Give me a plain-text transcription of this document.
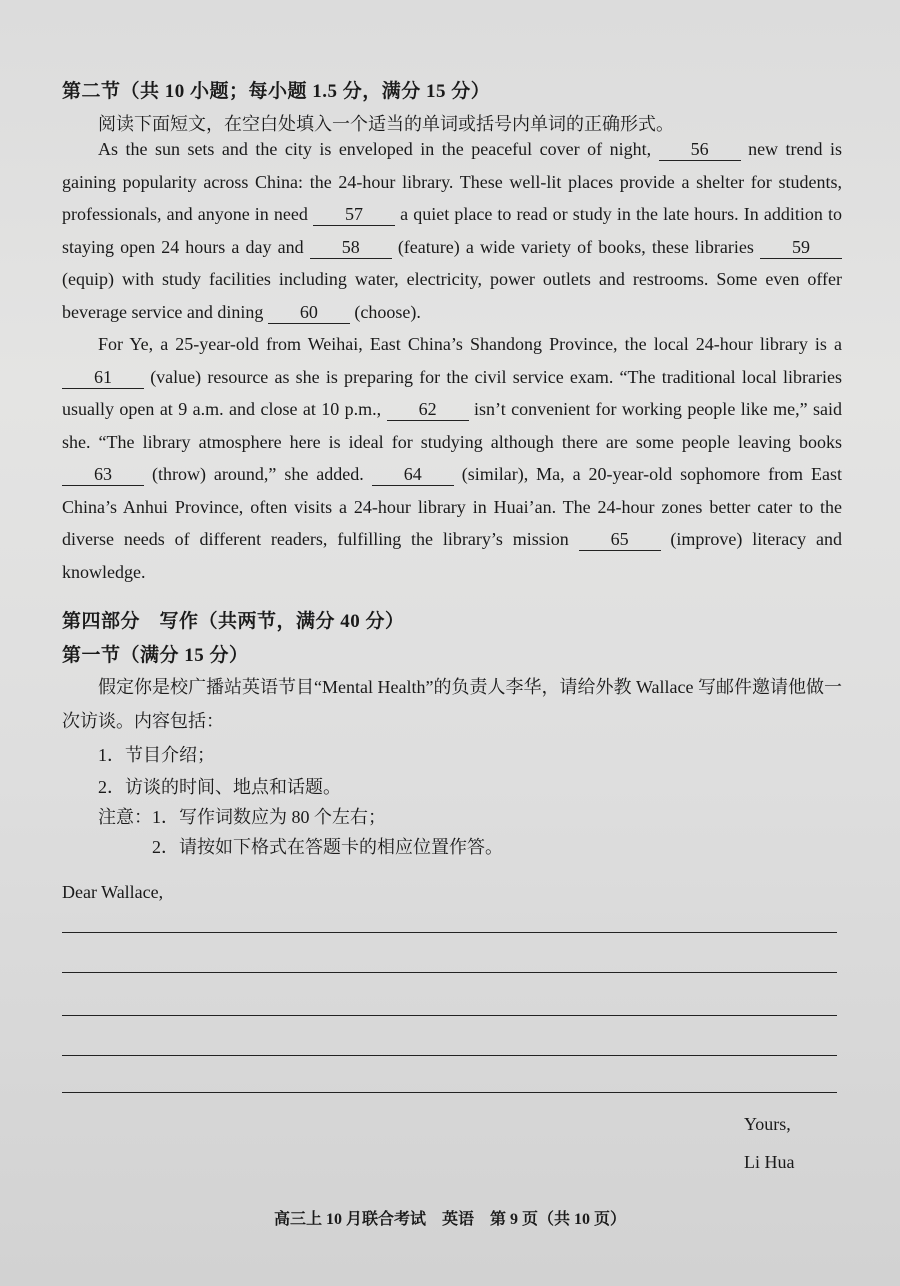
第二节（共 10 小题；每小题 1.5 分，满分 15 分）
阅读下面短文，在空白处填入一个适当的单词或括号内单词的正确形式。

As the sun sets and the city is enveloped in the peaceful cover of night, 56 new trend is gaining popularity across China: the 24-hour library. These well-lit places provide a shelter for students, professionals, and anyone in need 57 a quiet place to read or study in the late hours. In addition to staying open 24 hours a day and 58 (feature) a wide variety of books, these libraries 59 (equip) with study facilities including water, electricity, power outlets and restrooms. Some even offer beverage service and dining 60 (choose).

For Ye, a 25-year-old from Weihai, East China’s Shandong Province, the local 24-hour library is a 61 (value) resource as she is preparing for the civil service exam. “The traditional local libraries usually open at 9 a.m. and close at 10 p.m., 62 isn’t convenient for working people like me,” said she. “The library atmosphere here is ideal for studying although there are some people leaving books 63 (throw) around,” she added. 64 (similar), Ma, a 20-year-old sophomore from East China’s Anhui Province, often visits a 24-hour library in Huai’an. The 24-hour zones better cater to the diverse needs of different readers, fulfilling the library’s mission 65 (improve) literacy and knowledge.

第四部分　写作（共两节，满分 40 分）
第一节（满分 15 分）
假定你是校广播站英语节目“Mental Health”的负责人李华，请给外教 Wallace 写邮件邀请他做一次访谈。内容包括：
1．节目介绍；
2．访谈的时间、地点和话题。
注意：1．写作词数应为 80 个左右；
2．请按如下格式在答题卡的相应位置作答。
Dear Wallace,
Yours,
Li Hua
高三上 10 月联合考试　英语　第 9 页（共 10 页）
